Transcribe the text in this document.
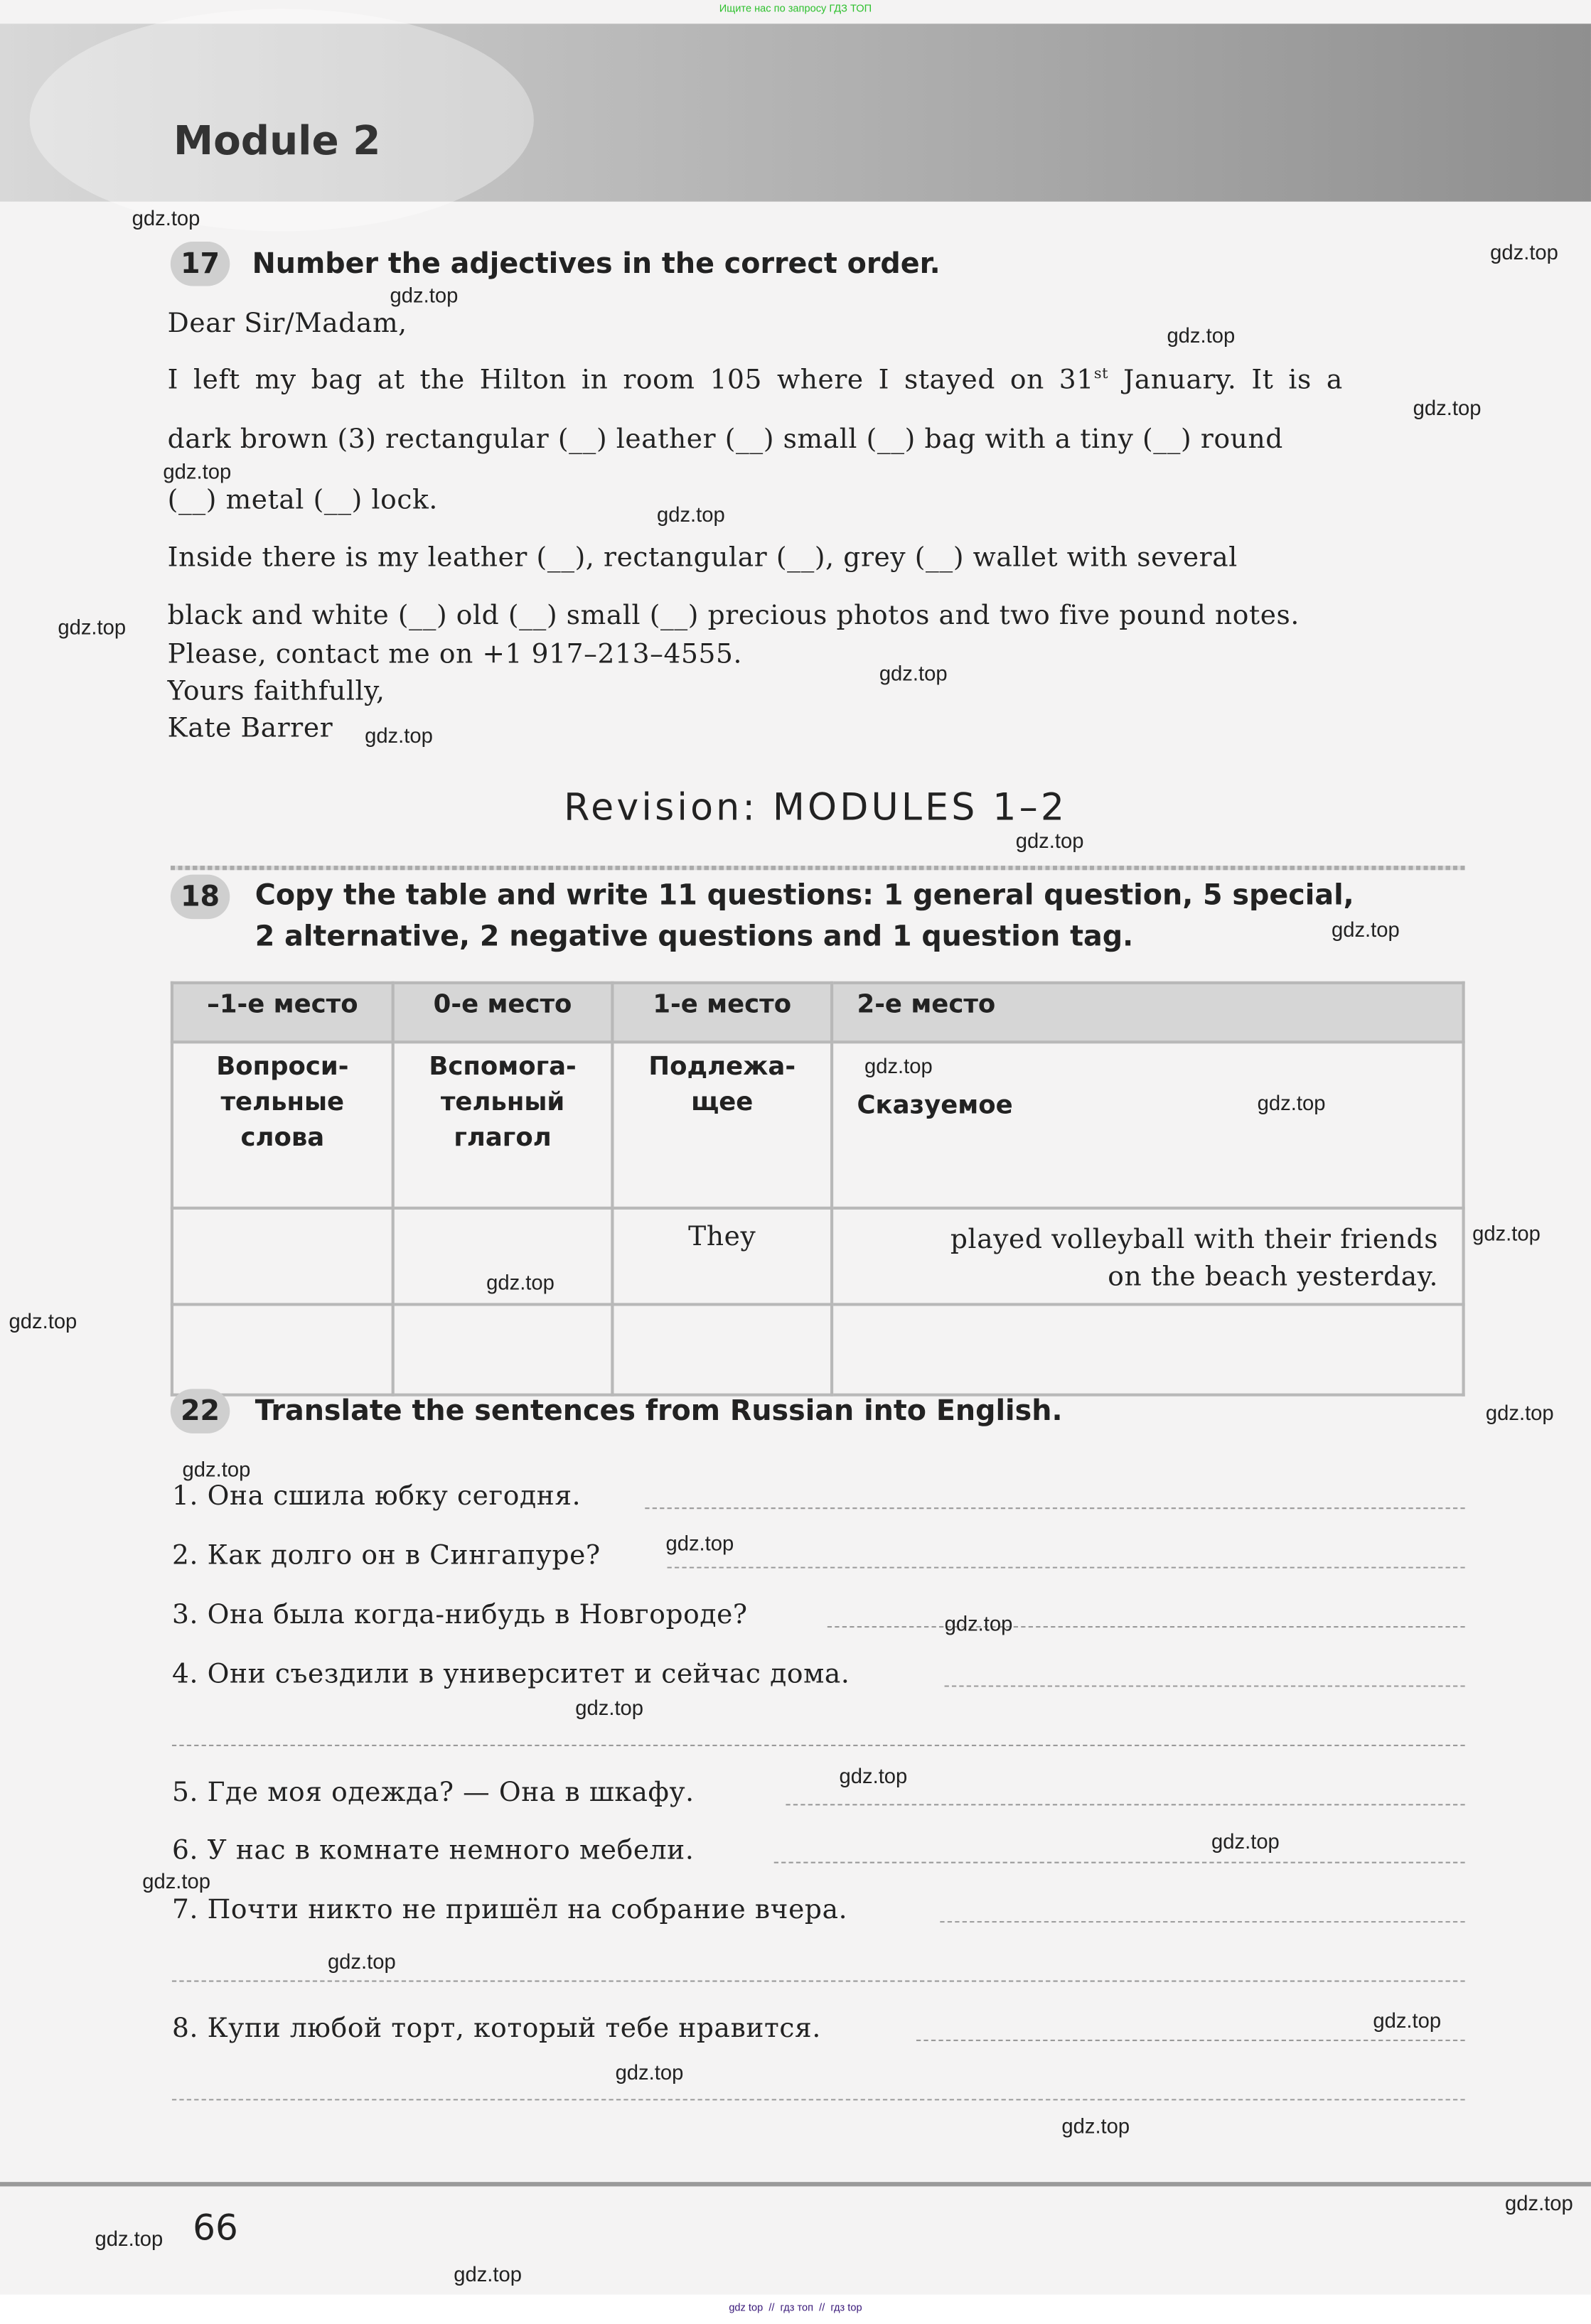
Ищите нас по запросу ГДЗ ТОП
Module 2
17	Number the adjectives in the correct order.
Dear Sir/Madam,
I left my bag at the Hilton in room 105 where I stayed on 31st January. It is a
dark brown (3) rectangular (__) leather (__) small (__) bag with a tiny (__) round
(__) metal (__) lock.
Inside there is my leather (__), rectangular (__), grey (__) wallet with several
black and white (__) old (__) small (__) precious photos and two five pound notes.
Please, contact me on +1 917–213–4555.
Yours faithfully,
Kate Barrer
Revision: MODULES 1–2
18	Copy the table and write 11 questions: 1 general question, 5 special,
2 alternative, 2 negative questions and 1 question tag.
–1-е место	0-е место	1-е место	2-е место
Вопроси-
тельные
слова	Вспомога-
тельный
глагол	Подлежа-
щее	Сказуемое
		They	played volleyball with their friends
on the beach yesterday.

22	Translate the sentences from Russian into English.
1. Она сшила юбку сегодня.
2. Как долго он в Сингапуре?
3. Она была когда-нибудь в Новгороде?
4. Они съездили в университет и сейчас дома.
5. Где моя одежда? — Она в шкафу.
6. У нас в комнате немного мебели.
7. Почти никто не пришёл на собрание вчера.
8. Купи любой торт, который тебе нравится.
66
gdz top  //  гдз топ  //  гдз top
gdz.top
gdz.top
gdz.top
gdz.top
gdz.top
gdz.top
gdz.top
gdz.top
gdz.top
gdz.top
gdz.top
gdz.top
gdz.top
gdz.top
gdz.top
gdz.top
gdz.top
gdz.top
gdz.top
gdz.top
gdz.top
gdz.top
gdz.top
gdz.top
gdz.top
gdz.top
gdz.top
gdz.top
gdz.top
gdz.top
gdz.top
gdz.top
